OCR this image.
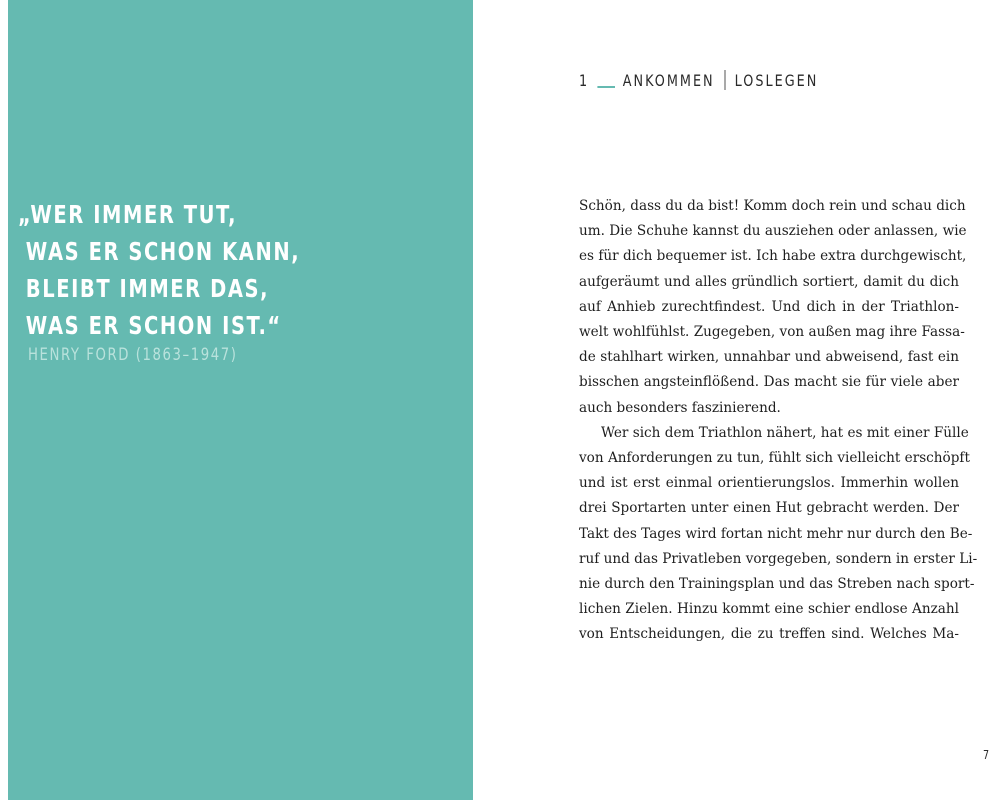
„WER IMMER TUT,
WAS ER SCHON KANN,
BLEIBT IMMER DAS,
WAS ER SCHON IST.“
HENRY FORD (1863–1947)
1 ANKOMMEN LOSLEGEN
Schön, dass du da bist! Komm doch rein und schau dich
um. Die Schuhe kannst du ausziehen oder anlassen, wie
es für dich bequemer ist. Ich habe extra durchgewischt,
aufgeräumt und alles gründlich sortiert, damit du dich
auf Anhieb zurechtfindest. Und dich in der Triathlon-
welt wohlfühlst. Zugegeben, von außen mag ihre Fassa-
de stahlhart wirken, unnahbar und abweisend, fast ein
bisschen angsteinflößend. Das macht sie für viele aber
auch besonders faszinierend.
Wer sich dem Triathlon nähert, hat es mit einer Fülle
von Anforderungen zu tun, fühlt sich vielleicht erschöpft
und ist erst einmal orientierungslos. Immerhin wollen
drei Sportarten unter einen Hut gebracht werden. Der
Takt des Tages wird fortan nicht mehr nur durch den Be-
ruf und das Privatleben vorgegeben, sondern in erster Li-
nie durch den Trainingsplan und das Streben nach sport-
lichen Zielen. Hinzu kommt eine schier endlose Anzahl
von Entscheidungen, die zu treffen sind. Welches Ma-
7
